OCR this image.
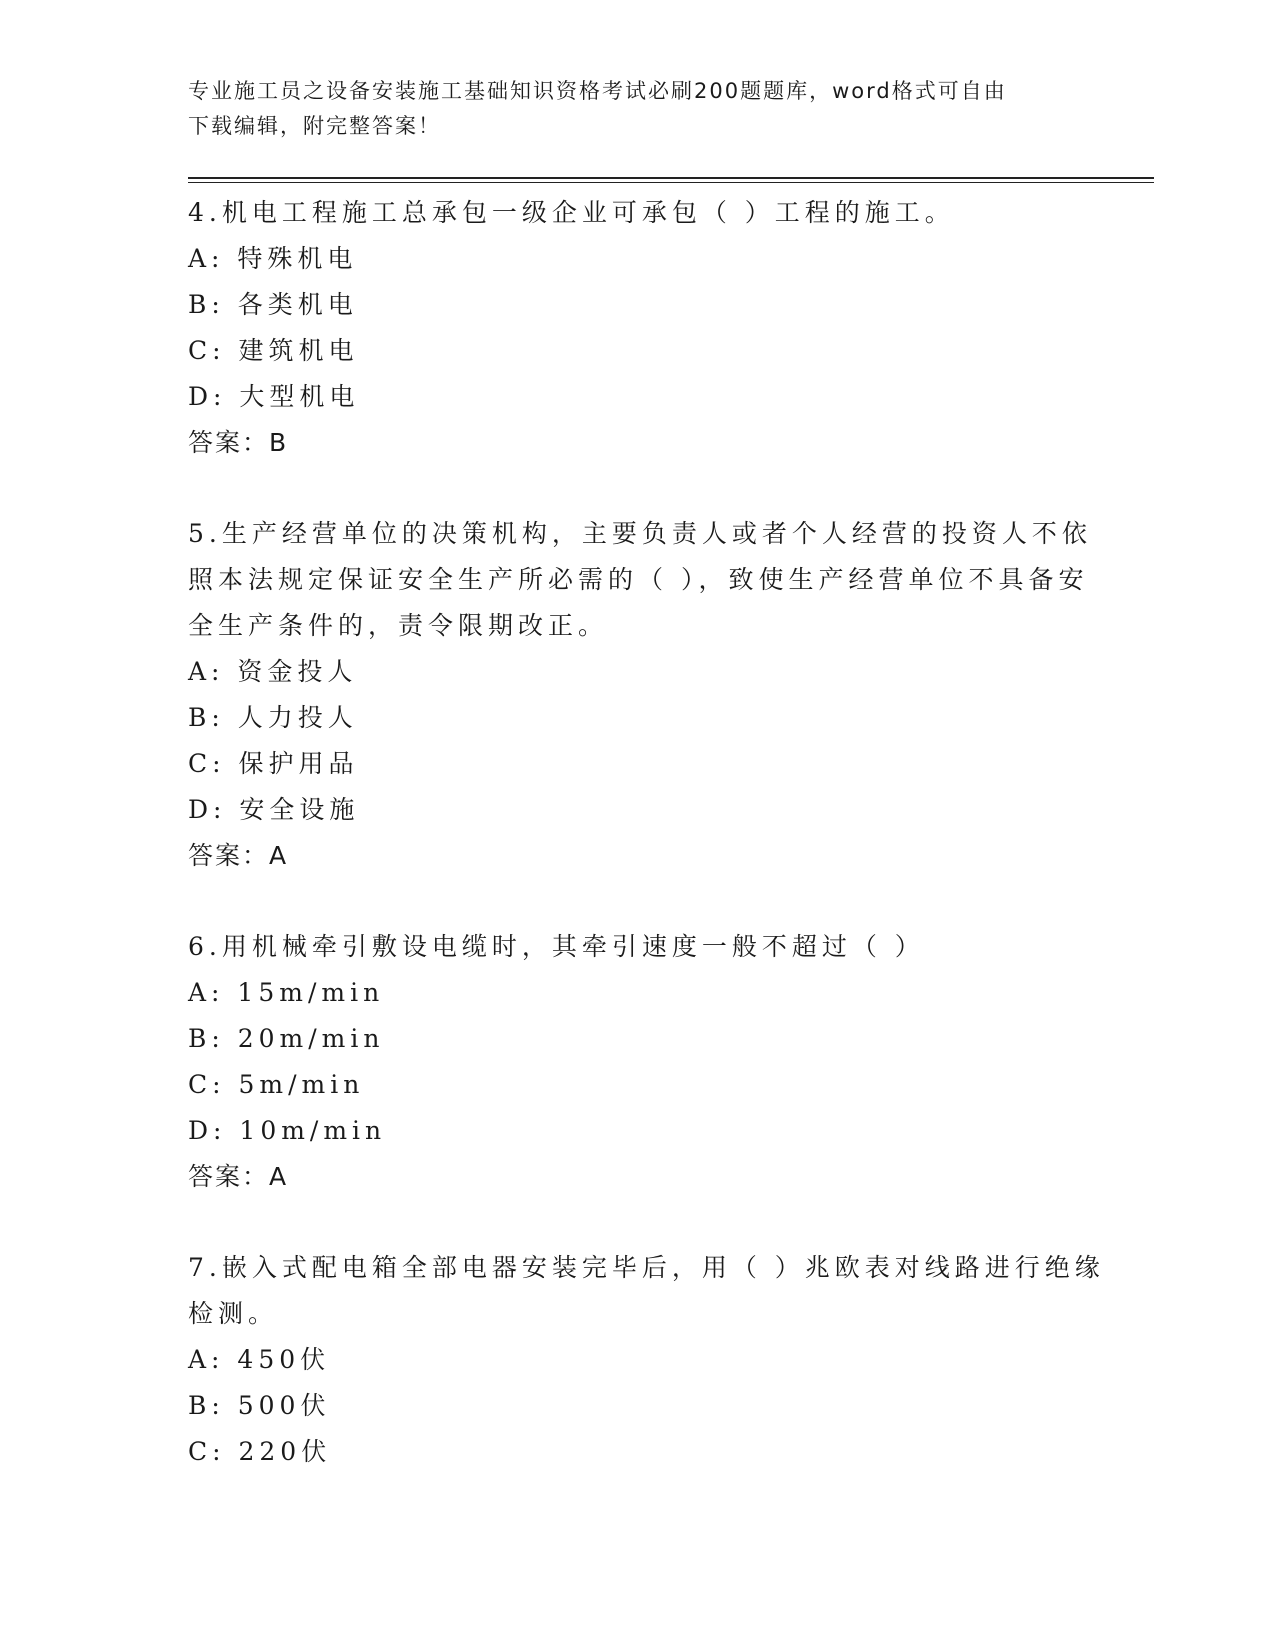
专业施工员之设备安装施工基础知识资格考试必刷200题题库，word格式可自由
下载编辑，附完整答案！
4.机电工程施工总承包一级企业可承包（ ）工程的施工。
A: 特殊机电
B: 各类机电
C: 建筑机电
D: 大型机电
答案：B
5.生产经营单位的决策机构，主要负责人或者个人经营的投资人不依
照本法规定保证安全生产所必需的（ ），致使生产经营单位不具备安
全生产条件的，责令限期改正。
A: 资金投人
B: 人力投人
C: 保护用品
D: 安全设施
答案：A
6.用机械牵引敷设电缆时，其牵引速度一般不超过（ ）
A: 15m/min
B: 20m/min
C: 5m/min
D: 10m/min
答案：A
7.嵌入式配电箱全部电器安装完毕后，用（ ）兆欧表对线路进行绝缘
检测。
A: 450伏
B: 500伏
C: 220伏
